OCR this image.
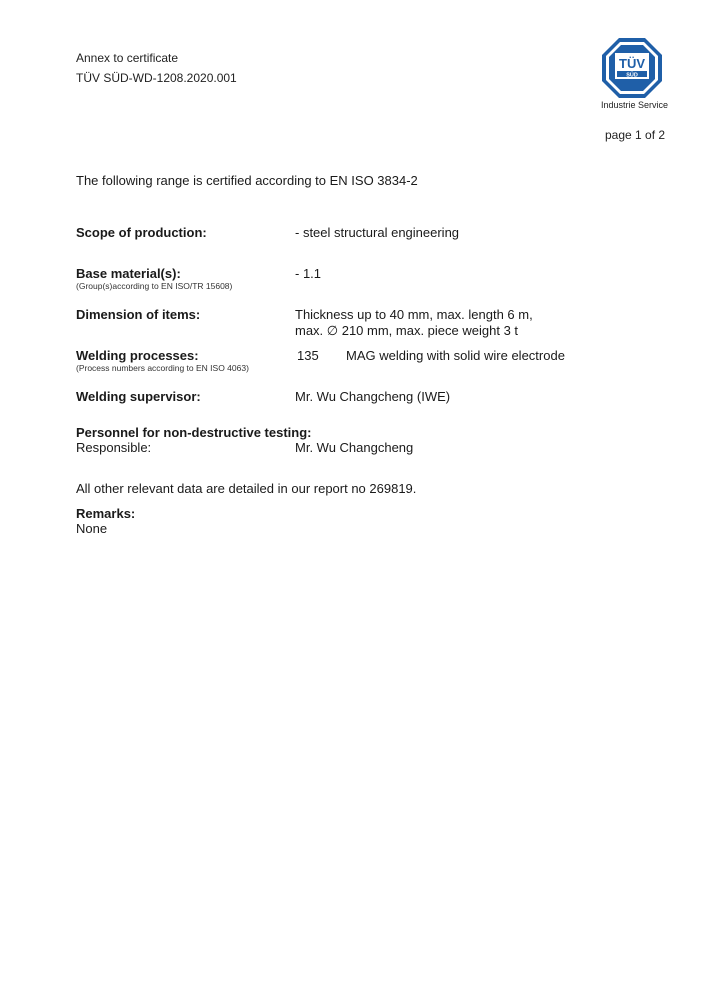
Annex to certificate
TÜV SÜD-WD-1208.2020.001
TÜV
SÜD
Industrie Service
page 1 of 2
The following range is certified according to EN ISO 3834-2
Scope of production:	- steel structural engineering
Base material(s):
(Group(s)according to EN ISO/TR 15608)
- 1.1
Dimension of items:	Thickness up to 40 mm, max. length 6 m,
max. ∅ 210 mm, max. piece weight 3 t
Welding processes:
(Process numbers according to EN ISO 4063)
135 MAG welding with solid wire electrode
Welding supervisor:	Mr. Wu Changcheng (IWE)
Personnel for non-destructive testing:
Responsible:	Mr. Wu Changcheng
All other relevant data are detailed in our report no 269819.
Remarks:
None
